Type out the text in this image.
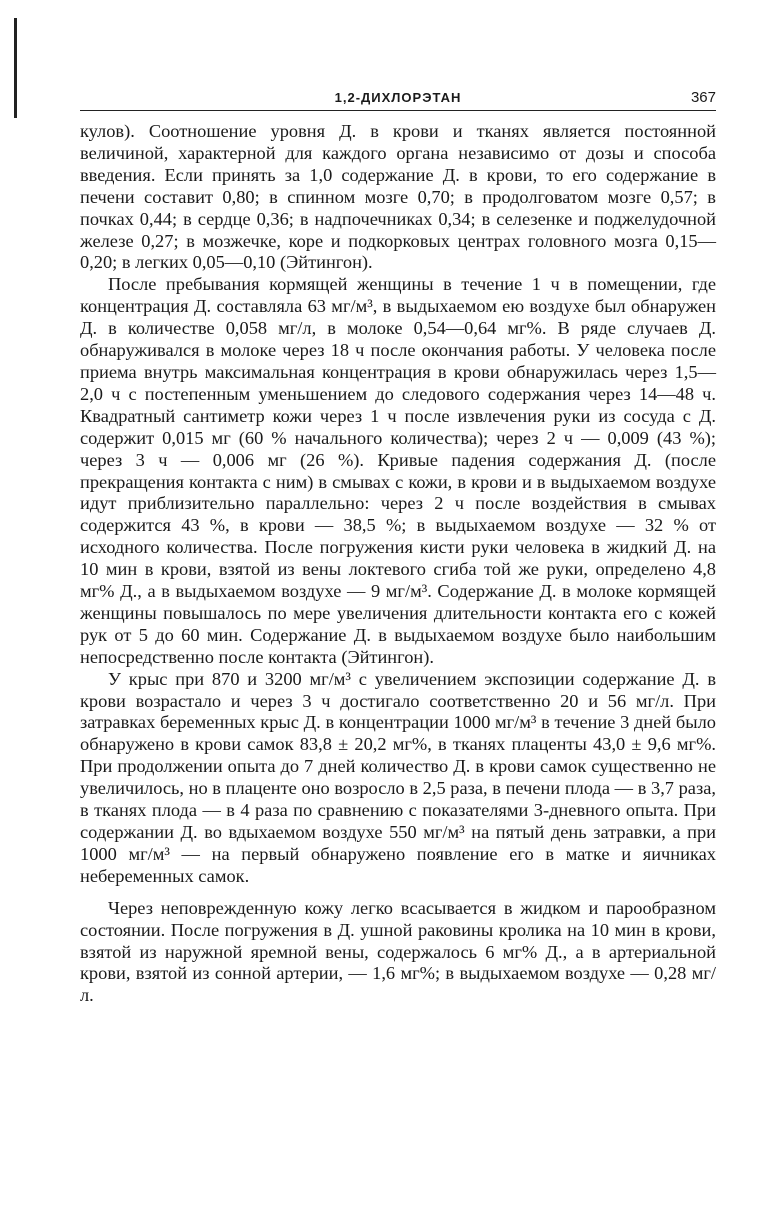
1,2-ДИХЛОРЭТАН	367

кулов). Соотношение уровня Д. в крови и тканях является постоянной величиной, характерной для каждого органа независимо от дозы и способа введения. Если принять за 1,0 содержание Д. в крови, то его содержание в печени составит 0,80; в спинном мозге 0,70; в продолговатом мозге 0,57; в почках 0,44; в сердце 0,36; в надпочечниках 0,34; в селезенке и поджелудочной железе 0,27; в мозжечке, коре и подкорковых центрах головного мозга 0,15—0,20; в легких 0,05—0,10 (Эйтингон).

После пребывания кормящей женщины в течение 1 ч в помещении, где концентрация Д. составляла 63 мг/м³, в выдыхаемом ею воздухе был обнаружен Д. в количестве 0,058 мг/л, в молоке 0,54—0,64 мг%. В ряде случаев Д. обнаруживался в молоке через 18 ч после окончания работы. У человека после приема внутрь максимальная концентрация в крови обнаружилась через 1,5—2,0 ч с постепенным уменьшением до следового содержания через 14—48 ч. Квадратный сантиметр кожи через 1 ч после извлечения руки из сосуда с Д. содержит 0,015 мг (60 % начального количества); через 2 ч — 0,009 (43 %); через 3 ч — 0,006 мг (26 %). Кривые падения содержания Д. (после прекращения контакта с ним) в смывах с кожи, в крови и в выдыхаемом воздухе идут приблизительно параллельно: через 2 ч после воздействия в смывах содержится 43 %, в крови — 38,5 %; в выдыхаемом воздухе — 32 % от исходного количества. После погружения кисти руки человека в жидкий Д. на 10 мин в крови, взятой из вены локтевого сгиба той же руки, определено 4,8 мг% Д., а в выдыхаемом воздухе — 9 мг/м³. Содержание Д. в молоке кормящей женщины повышалось по мере увеличения длительности контакта его с кожей рук от 5 до 60 мин. Содержание Д. в выдыхаемом воздухе было наибольшим непосредственно после контакта (Эйтингон).

У крыс при 870 и 3200 мг/м³ с увеличением экспозиции содержание Д. в крови возрастало и через 3 ч достигало соответственно 20 и 56 мг/л. При затравках беременных крыс Д. в концентрации 1000 мг/м³ в течение 3 дней было обнаружено в крови самок 83,8 ± 20,2 мг%, в тканях плаценты 43,0 ± 9,6 мг%. При продолжении опыта до 7 дней количество Д. в крови самок существенно не увеличилось, но в плаценте оно возросло в 2,5 раза, в печени плода — в 3,7 раза, в тканях плода — в 4 раза по сравнению с показателями 3-дневного опыта. При содержании Д. во вдыхаемом воздухе 550 мг/м³ на пятый день затравки, а при 1000 мг/м³ — на первый обнаружено появление его в матке и яичниках небеременных самок.

Через неповрежденную кожу легко всасывается в жидком и парообразном состоянии. После погружения в Д. ушной раковины кролика на 10 мин в крови, взятой из наружной яремной вены, содержалось 6 мг% Д., а в артериальной крови, взятой из сонной артерии, — 1,6 мг%; в выдыхаемом воздухе — 0,28 мг/л.
